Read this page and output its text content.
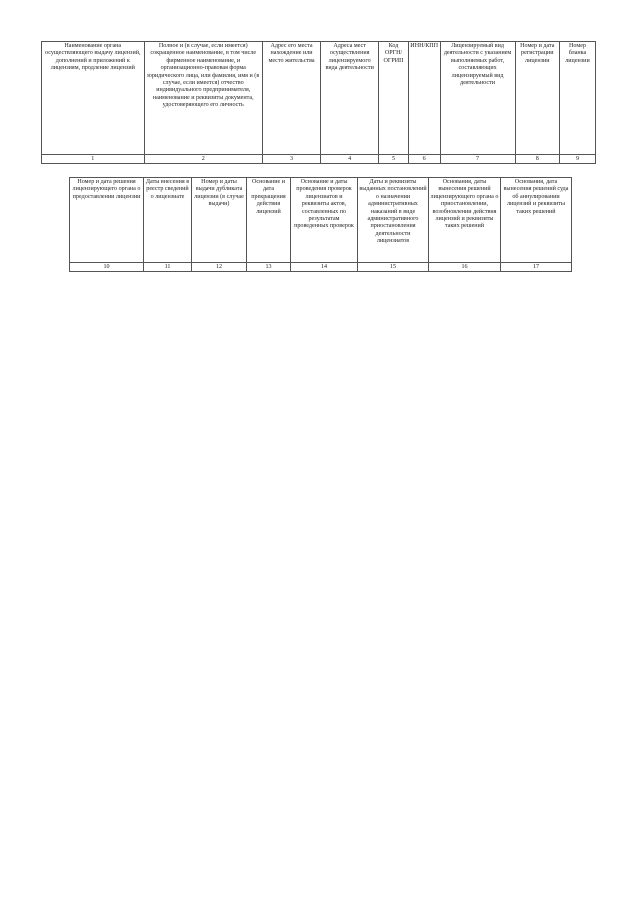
Наименование органа осуществляющего выдачу лицензий, дополнений и приложений к лицензиям, продление лицензий	Полное и (в случае, если имеется) сокращенное наименование, в том числе фирменное наименование, и организационно-правовая форма юридического лица, или фамилия, имя и (в случае, если имеется) отчество индивидуального предпринимателя, наименование и реквизиты документа, удостоверяющего его личность	Адрес его места нахождение или место жительства	Адреса мест осуществления лицензируемого вида деятельности	Код ОРГН/ОГРИП	ИНН/КПП	Лицензируемый вид деятельности с указанием выполняемых работ, составляющих лицензируемый вид деятельности	Номер и дата регистрации лицензии	Номер бланка лицензии
1	2	3	4	5	6	7	8	9
Номер и дата решения лицензирующего органа о предоставлении лицензии	Даты внесения в реестр сведений о лицензиате	Номер и даты выдачи дубликата лицензии (в случае выдачи)	Основание и дата прекращения действия лицензий	Основание и даты проведения проверок лицензиатов и реквизиты актов, составленных по результатам проведенных проверок	Даты и реквизиты выданных постановлений о назначении административных наказаний в виде административного приостановления деятельности лицензиатов	Основания, даты вынесения решений лицензирующего органа о приостановлении, возобновлении действия лицензий и реквизиты таких решений	Основания, дата вынесения решений суда об аннулировании лицензий и реквизиты таких решений
10	11	12	13	14	15	16	17
